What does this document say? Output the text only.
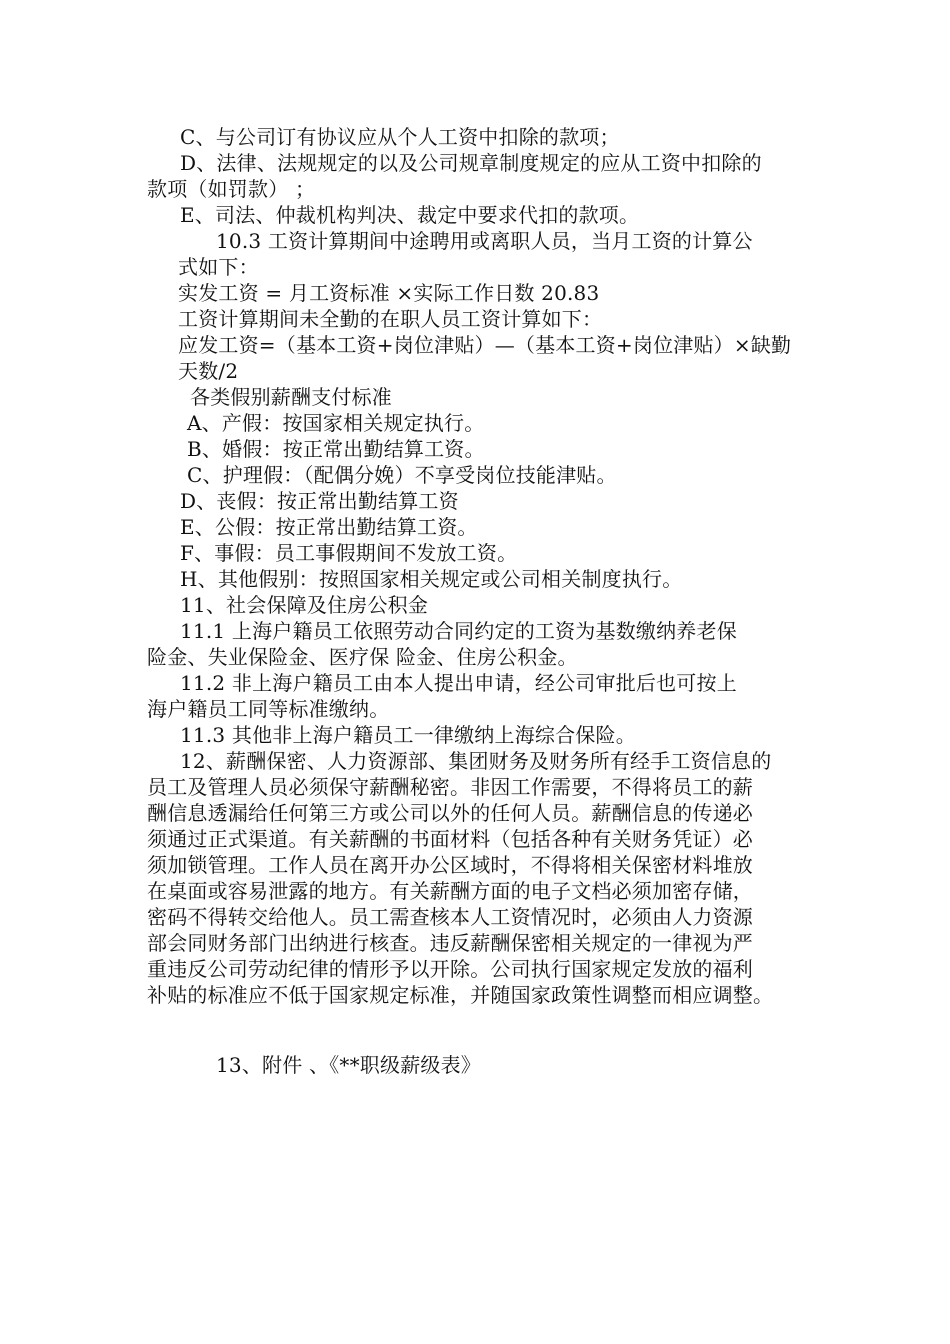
C、与公司订有协议应从个人工资中扣除的款项；

D、法律、法规规定的以及公司规章制度规定的应从工资中扣除的

款项（如罚款） ；

E、司法、仲裁机构判决、裁定中要求代扣的款项。

10.3 工资计算期间中途聘用或离职人员，当月工资的计算公

式如下：

实发工资 = 月工资标准 ×实际工作日数 20.83

工资计算期间未全勤的在职人员工资计算如下：

应发工资=（基本工资+岗位津贴）—（基本工资+岗位津贴）×缺勤

天数/2

各类假别薪酬支付标准

A、产假：按国家相关规定执行。

B、婚假：按正常出勤结算工资。

C、护理假：（配偶分娩）不享受岗位技能津贴。

D、丧假：按正常出勤结算工资

E、公假：按正常出勤结算工资。

F、事假：员工事假期间不发放工资。

H、其他假别：按照国家相关规定或公司相关制度执行。

11、社会保障及住房公积金

11.1 上海户籍员工依照劳动合同约定的工资为基数缴纳养老保

险金、失业保险金、医疗保 险金、住房公积金。

11.2 非上海户籍员工由本人提出申请，经公司审批后也可按上

海户籍员工同等标准缴纳。

11.3 其他非上海户籍员工一律缴纳上海综合保险。

12、薪酬保密、人力资源部、集团财务及财务所有经手工资信息的

员工及管理人员必须保守薪酬秘密。非因工作需要，不得将员工的薪

酬信息透漏给任何第三方或公司以外的任何人员。薪酬信息的传递必

须通过正式渠道。有关薪酬的书面材料（包括各种有关财务凭证）必

须加锁管理。工作人员在离开办公区域时，不得将相关保密材料堆放

在桌面或容易泄露的地方。有关薪酬方面的电子文档必须加密存储，

密码不得转交给他人。员工需查核本人工资情况时，必须由人力资源

部会同财务部门出纳进行核查。违反薪酬保密相关规定的一律视为严

重违反公司劳动纪律的情形予以开除。公司执行国家规定发放的福利

补贴的标准应不低于国家规定标准，并随国家政策性调整而相应调整。

13、附件 、《**职级薪级表》
